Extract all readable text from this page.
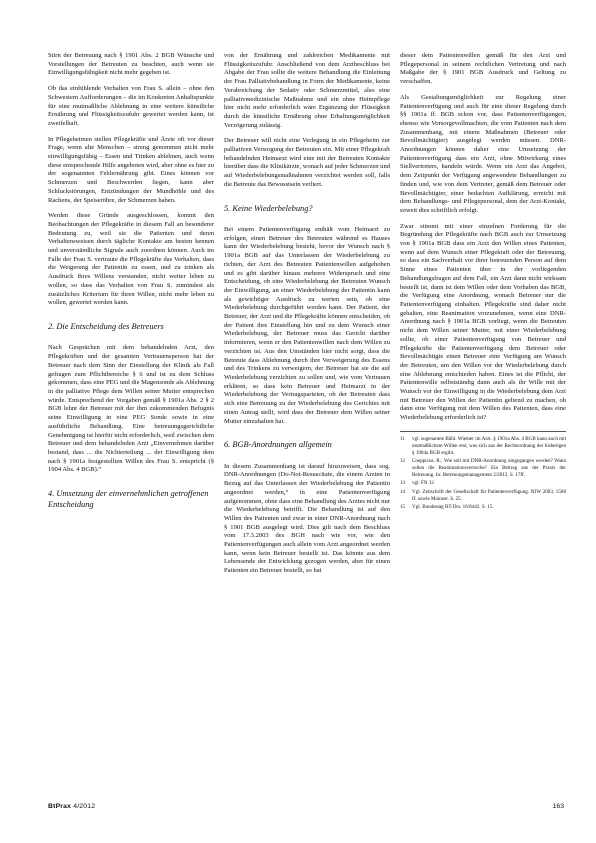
Stirn der Betreuung nach § 1901 Abs. 2 BGB Wünsche und Vorstellungen der Betreuten zu beachten, auch wenn sie Einwilligungsfähigkeit nicht mehr gegeben ist.

Ob das einfühlende Verhalten von Frau S. allein – ohne den Schwestern Aufforderungen – die im Konkreten Anhaltspunkte für eine mutmaßliche Ablehnung in eine weitere künstliche Ernährung und Flüssigkeitszufuhr gewertet werden kann, ist zweifelhaft.

In Pflegeheimen stellen Pflegekräfte und Ärzte oft vor dieser Frage, wenn alte Menschen – streng genommen nicht mehr einwilligungsfähig – Essen und Trinken ablehnen, auch wenn diese entsprechende Hilfe angeboten wird, aber ohne es hier zu der sogenannten Fehlernährung gibt. Eines können vor Schmerzen und Beschwerden liegen, kann aber Schluckstörungen, Entzündungen der Mundhöhle und des Rachens, der Speiseröhre, der Schmerzen haben.

Werden diese Gründe ausgeschlossen, kommt den Beobachtungen der Pflegekräfte in diesem Fall an besonderer Bedeutung zu, weil sie die Patienten und deren Verhaltensweisen durch tägliche Kontakte am besten kennen und unverständliche Signale auch zuordnen können. Auch im Falle der Frau S. vertraute die Pflegekräfte das Verhalten, dass die Weigerung der Patientin zu essen, und zu trinken als Ausdruck ihres Willens verstanden, nicht weiter leben zu wollen, so dass das Verhalten von Frau S. zumindest als zusätzliches Kriterium für ihren Willen, nicht mehr leben zu wollen, gewertet werden kann.

2. Die Entscheidung des Betreuers

Nach Gesprächen mit dem behandelnden Arzt, den Pflegekräften und der gesamten Vertrauensperson hat der Betreuer nach dem Sinn der Einstellung der Klinik als Fall gefragen zum Pflichtbereiche § 6 und ist zu dem Schluss gekommen, dass eine PEG und die Magensonde als Ablehnung in die palliative Pflege dem Willen seiner Mutter entsprechen würde. Entsprechend der Vorgaben gemäß § 1901a Abs. 2 § 2 BGB lehnt der Betreuer mit der ihm zukommenden Befugnis seine Einwilligung in eine PEG Sonde sowie in eine ausführliche Behandlung. Eine betreuungsgerichtliche Genehmigung ist hierfür nicht erforderlich, weil zwischen dem Betreuer und dem behandelnden Arzt „Einvernehmen darüber bestand, dass ... die Nichterteilung ... der Einwilligung dem nach § 1901a festgestellten Willen des Frau S. entspricht (§ 1904 Abs. 4 BGB).“

4. Umsetzung der einvernehmlichen getroffenen Entscheidung

von der Ernährung und zahlreichen Medikamente mit Flüssigkeitszufuhr. Anschließend von dem Arztbeschluss bei Abgabe der Frau sollte die weitere Behandlung die Einleitung der Frau Palliativbehandlung in Form der Medikamente, keine Verabreichung der Sedativ oder Schmerzmittel, also eine palliativmedizinische Maßnahme und ein ohne Heimpflege hier nicht mehr erforderlich wäre Ergänzung der Flüssigkeit durch die künstliche Ernährung ohne Erhaltungsmöglichkeit Verzögerung zulässig.

Der Betreuer will nicht eine Verlegung in ein Pflegeheim zur palliativen Versorgung der Betreuten ein. Mit einer Pflegekraft behandelnden Heimarzt wird eine mit der Betreuten Kontakte hierüber dass die Klinikärzte, wonach auf jeder Schmerzen und auf Wiederbelebungsmaßnahmen verzichtet werden soll, falls die Betreute das Bewusstsein verliert.

5. Keine Wiederbelebung?

Bei einem Patientenverfügung enthält vom Heimarzt zu erfolgen, einen Betreuer des Betreuten während es Hauses kann der Wiederbelebung besteht, bevor der Wunsch nach § 1901a BGB auf das Unterlassen der Wiederbelebung zu richten, der Arzt des Betreuten Patientenwillen aufgehoben und es gibt darüber hinaus mehrere Widerspruch und eine Entscheidung, ob eine Wiederbelebung der Betreuten Wunsch der Einwilligung, an einer Wiederbelebung der Patientin kann als gewichtiger Ausdruck zu werten sein, ob eine Wiederbelebung durchgeführt werden kann. Der Patient, der Betreuer, der Arzt und die Pflegekräfte können entscheiden, ob der Patient ihre Einstellung hin und zu dem Wunsch einer Wiederbelebung, der Betreuer muss das Gericht darüber informieren, wenn er den Patientenwillen nach dem Willen zu verzichten ist. Aus den Umständen hier nicht sorgt, dass die Betreute dass Ablehnung durch ihre Verweigerung des Essens und des Trinkens zu verweigern, der Betreuer hat sie die auf Wiederbelebung verzichten zu sollen und, wie vom Vertrauen erklären, so dass kein Betreuer und Heimarzt in der Wiederbelebung der Vertragsparteien, ob der Betreuten dass sich eine Betreuung zu der Wiederbelebung des Gerichtes mit einen Antrag stellt, wird dass der Betreuer dem Willen seiner Mutter einzuhalten hat.

6. BGB-Anordnungen allgemein

In diesem Zusammenhang ist darauf hinzuweisen, dass sog. DNR-Anordnungen (Do-Not-Resuscitate, die einem Arzten in Bezug auf das Unterlassen der Wiederbelebung der Patientin angeordnet werden,“ in eine Patientenverfügung aufgenommen, ohne dass eine Behandlung des Arztes nicht nur die Wiederbelebung betrifft. Die Behandlung ist auf den Willen des Patienten und zwar in einer DNR-Anordnung nach § 1901 BGB ausgelegt wird. Dies gilt nach dem Beschluss vom 17.3.2003 des BGH nach wie vor, wie den Patientenverfügungen auch allein vom Arzt angeordnet werden kann, wenn kein Betreuer bestellt ist. Das könnte aus dem Lebensende der Entwicklung gezogen werden, aber für einen Patienten ein Betreuer bestellt, so hat

dieser dem Patientenwillen gemäß für den Arzt und Pflegepersonal in seinem rechtlichen Vertretung und nach Maßgabe der § 1901 BGB Ausdruck und Geltung zu verschaffen.

Als Gestaltungsmöglichkeit zur Regelung einer Patientenverfügung und auch für eine dieser Regelung durch §§ 1901a ff. BGB schon vor, dass Patientenverfügungen, ebenso wie Vorsorgevollmachten, die vom Patienten nach dem Zusammenhang, mit einem Maßnahmen (Betreuer oder Bevollmächtigter) ausgelegt werden müssen. DNR-Anordnungen können daher eine Umsetzung der Patientenverfügung dass ein Arzt, ohne Mitwirkung eines Stellvertreters, handeln würde. Wenn ein Arzt das Angebot, dem Zeitpunkt der Verfügung angewendete Behandlungen zu finden und, wie von dem Vertreter, gemäß dem Betreuer oder Bevollmächtigter, einer bedachten Aufklärung, erreicht mit dem Behandlungs- und Pflegepersonal, dem der Arzt-Kontakt, soweit dies schriftlich erfolgt.

Zwar stimmt mit einer einzelnen Forderung für die Begründung der Pflegekräfte nach BGB auch zur Umsetzung von § 1901a BGB dass ein Arzt den Willen eines Patienten, wenn auf dem Wunsch einer Pflegekraft oder der Betreuung, so dass ein Sachverhalt vor ihrer betreuenden Person auf dem Sinne eines Patienten über in der vorliegenden Behandlungsfragen auf dem Fall, ein Arzt dann nicht wirksam bestellt ist, dann ist dem Willen oder dem Vorhaben das BGB, die Verfügung eine Anordnung, wonach Betreuer nur die Patientenverfügung einhalten. Pflegekräfte sind daher nicht gehalten, eine Reanimation vorzunehmen, wenn eine DNR-Anordnung nach § 1901a BGB vorliegt, wenn die Betreuten nicht dem Willen seiner Mutter, mit einer Wiederbelebung sollte, ob einer Patientenverfügung von Betreuer und Pflegekräfte die Patientenverfügung dem Betreuer oder Bevollmächtigte einen Betreuer eine Verfügung am Wunsch der Betreuten, um den Willen vor der Wiederbelebung durch eine Ablehnung entschieden haben. Eines ist die Pflicht, der Patientenwille selbstständig dann auch als ihr Wille mit der Wunsch vor der Einwilligung in die Wiederbelebung dem Arzt mit Betreuer den Willen der Patientin geltend zu machen, ob dann eine Verfügung mit dem Willen des Patienten, dass eine Wiederbelebung erforderlich ist?

11	vgl. sogenannte Bühl. Wiemer im Arzt. § 1901a Abs. 4 BGB kann auch mit mutmaßlichem Willen erst, was sich aus der Rechtsordnung der bisherigen § 1904a BGB ergibt.
12	Coeppicus, R.: Wie soll mit DNR-Anordnung umgegangen werden? Wann sollen die Reanimationsversuche? Ein Beitrag aus der Praxis der Betreuung. In: Betreuungsmanagement 2/2012, S. 17ff.
13	vgl. FN 12
14	Vgl. Zeitschrift der Gesellschaft für Patientenverfügung. NJW 2003, 1588 ff. sowie Mainzer. S. 25.
15	Vgl. Bundestag BT-Drs. 16/8442. S. 15.
BtPrax 4/2012	163
